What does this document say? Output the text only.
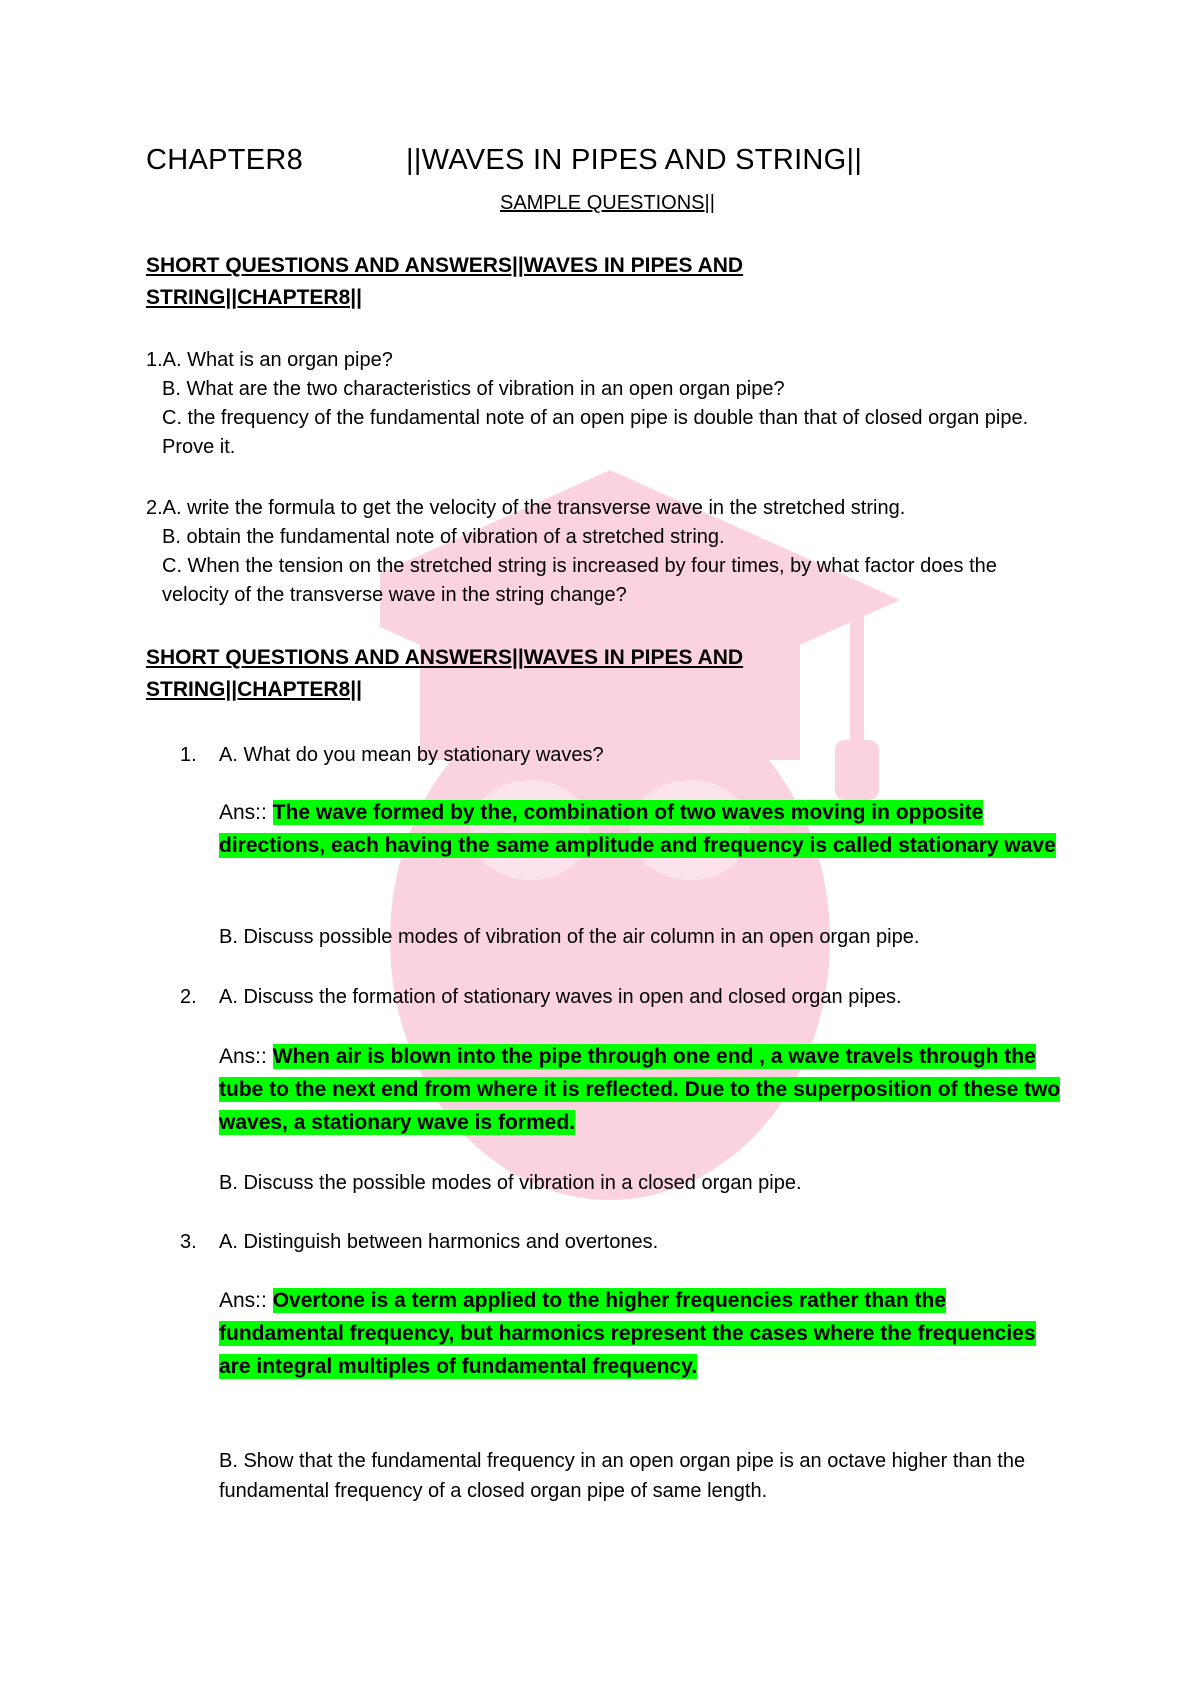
CHAPTER8	||WAVES IN PIPES AND STRING||
SAMPLE QUESTIONS||
SHORT QUESTIONS AND ANSWERS||WAVES IN PIPES AND STRING||CHAPTER8||

1.A. What is an organ pipe?

B. What are the two characteristics of vibration in an open organ pipe?

C. the frequency of the fundamental note of an open pipe is double than that of closed organ pipe. Prove it.

2.A. write the formula to get the velocity of the transverse wave in the stretched string.

B. obtain the fundamental note of vibration of a stretched string.

C. When the tension on the stretched string is increased by four times, by what factor does the velocity of the transverse wave in the string change?

SHORT QUESTIONS AND ANSWERS||WAVES IN PIPES AND STRING||CHAPTER8||
1. A. What do you mean by stationary waves?
Ans:: The wave formed by the, combination of two waves moving in opposite directions, each having the same amplitude and frequency is called stationary wave
B. Discuss possible modes of vibration of the air column in an open organ pipe.
2. A. Discuss the formation of stationary waves in open and closed organ pipes.
Ans:: When air is blown into the pipe through one end , a wave travels through the tube to the next end from where it is reflected. Due to the superposition of these two waves, a stationary wave is formed.
B. Discuss the possible modes of vibration in a closed organ pipe.
3. A. Distinguish between harmonics and overtones.
Ans:: Overtone is a term applied to the higher frequencies rather than the fundamental frequency, but harmonics represent the cases where the frequencies are integral multiples of fundamental frequency.
B. Show that the fundamental frequency in an open organ pipe is an octave higher than the fundamental frequency of a closed organ pipe of same length.
